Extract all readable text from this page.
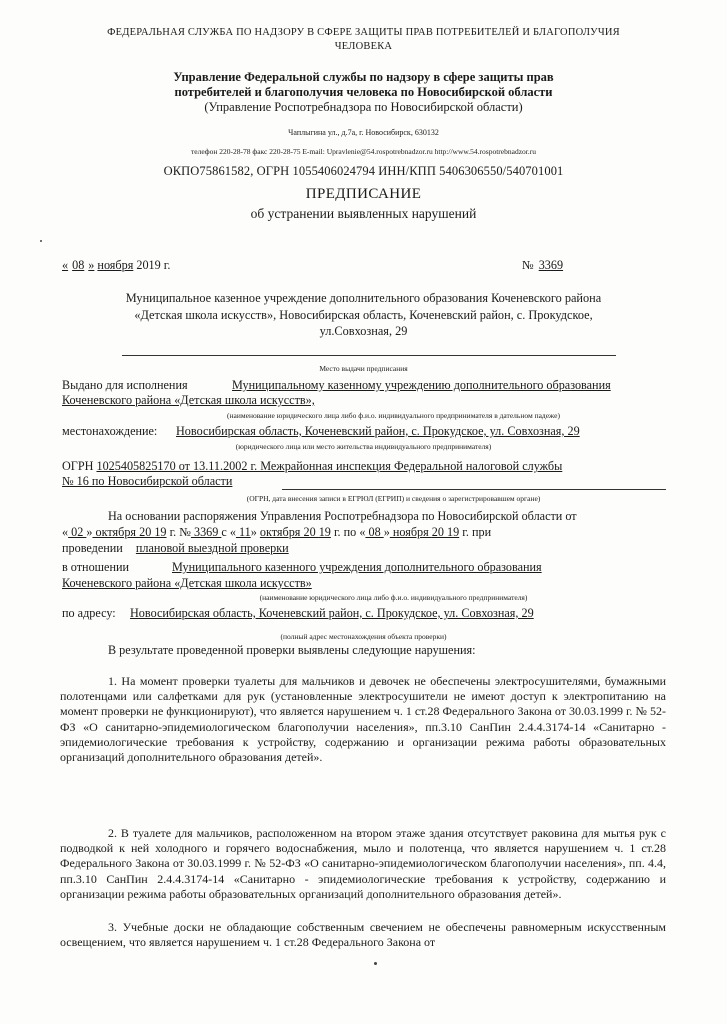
ФЕДЕРАЛЬНАЯ СЛУЖБА ПО НАДЗОРУ В СФЕРЕ ЗАЩИТЫ ПРАВ ПОТРЕБИТЕЛЕЙ И БЛАГОПОЛУЧИЯ
ЧЕЛОВЕКА
Управление Федеральной службы по надзору в сфере защиты прав
потребителей и благополучия человека по Новосибирской области
(Управление Роспотребнадзора по Новосибирской области)
Чаплыгина ул., д.7а, г. Новосибирск, 630132
телефон 220-28-78 факс 220-28-75 E-mail: Upravlenie@54.rospotrebnadzor.ru http://www.54.rospotrebnadzor.ru
ОКПО75861582, ОГРН 1055406024794 ИНН/КПП 5406306550/540701001
ПРЕДПИСАНИЕ
об устранении выявленных нарушений
« 08 » ноября 2019 г.	№ 3369
Муниципальное казенное учреждение дополнительного образования Коченевского района
«Детская школа искусств», Новосибирская область, Коченевский район, с. Прокудское,
ул.Совхозная, 29
Место выдачи предписания
Выдано для исполнения	Муниципальному казенному учреждению дополнительного образования
Коченевского района «Детская школа искусств»,
(наименование юридического лица либо ф.и.о. индивидуального предпринимателя в дательном падеже)
местонахождение: Новосибирская область, Коченевский район, с. Прокудское, ул. Совхозная, 29
(юридического лица или место жительства индивидуального предпринимателя)
ОГРН 1025405825170 от 13.11.2002 г. Межрайонная инспекция Федеральной налоговой службы
№ 16 по Новосибирской области
(ОГРН, дата внесения записи в ЕГРЮЛ (ЕГРИП) и сведения о зарегистрировавшем органе)
На основании распоряжения Управления Роспотребнадзора по Новосибирской области от
« 02 » октября 20 19 г. № 3369 с « 11» октября 20 19 г. по « 08 » ноября 20 19 г. при
проведении плановой выездной проверки
в отношении	Муниципального казенного учреждения дополнительного образования
Коченевского района «Детская школа искусств»
(наименование юридического лица либо ф.и.о. индивидуального предпринимателя)
по адресу: Новосибирская область, Коченевский район, с. Прокудское, ул. Совхозная, 29
(полный адрес местонахождения объекта проверки)
В результате проведенной проверки выявлены следующие нарушения:
1. На момент проверки туалеты для мальчиков и девочек не обеспечены электросушителями, бумажными полотенцами или салфетками для рук (установленные электросушители не имеют доступ к электропитанию на момент проверки не функционируют), что является нарушением ч. 1 ст.28 Федерального Закона от 30.03.1999 г. № 52-ФЗ «О санитарно-эпидемиологическом благополучии населения», пп.3.10 СанПин 2.4.4.3174-14 «Санитарно - эпидемиологические требования к устройству, содержанию и организации режима работы образовательных организаций дополнительного образования детей».
2. В туалете для мальчиков, расположенном на втором этаже здания отсутствует раковина для мытья рук с подводкой к ней холодного и горячего водоснабжения, мыло и полотенца, что является нарушением ч. 1 ст.28 Федерального Закона от 30.03.1999 г. № 52-ФЗ «О санитарно-эпидемиологическом благополучии населения», пп. 4.4, пп.3.10 СанПин 2.4.4.3174-14 «Санитарно - эпидемиологические требования к устройству, содержанию и организации режима работы образовательных организаций дополнительного образования детей».
3. Учебные доски не обладающие собственным свечением не обеспечены равномерным искусственным освещением, что является нарушением ч. 1 ст.28 Федерального Закона от
